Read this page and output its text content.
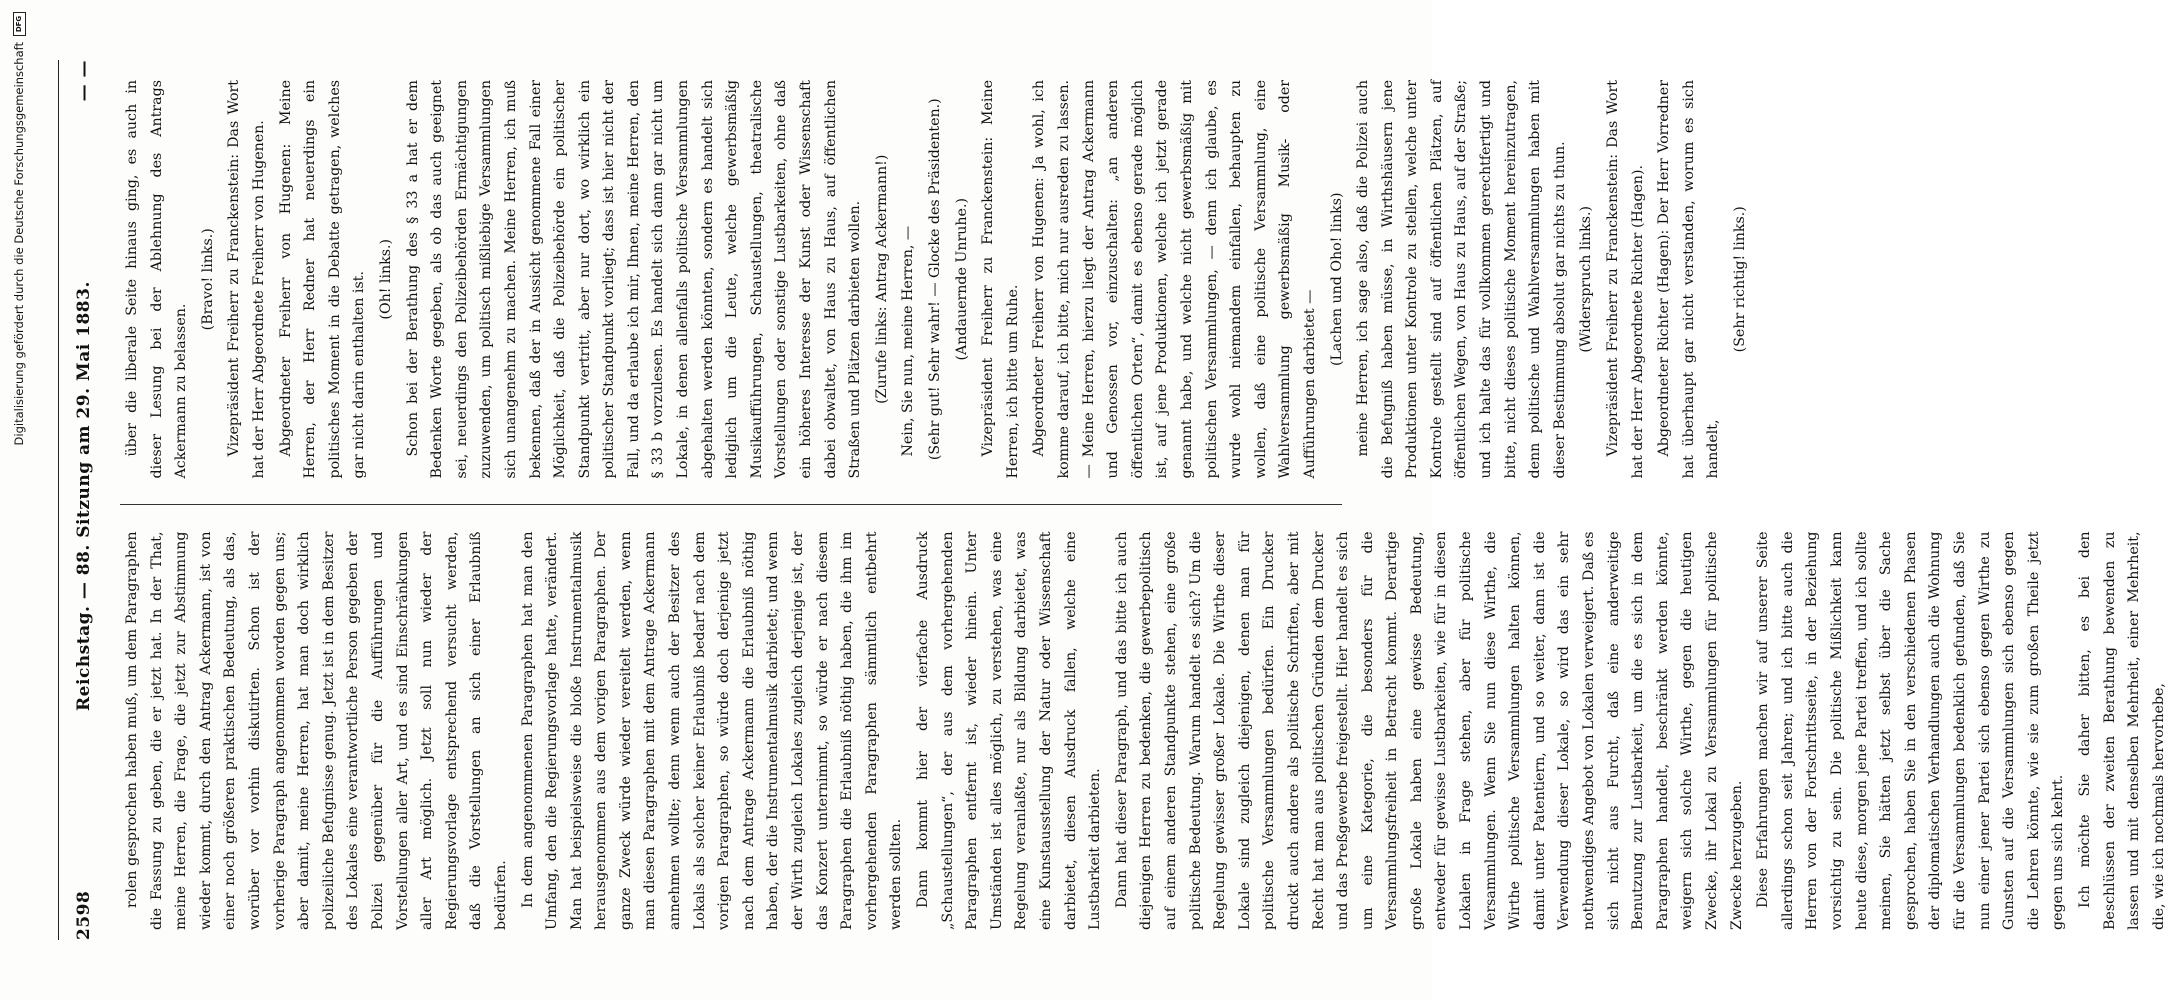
2598
Reichstag. — 88. Sitzung am 29. Mai 1883.
— —

rolen gesprochen haben muß, um dem Paragraphen die Fassung zu geben, die er jetzt hat. In der That, meine Herren, die Frage, die jetzt zur Abstimmung wieder kommt, durch den Antrag Ackermann, ist von einer noch größeren praktischen Bedeutung, als das, worüber vor vorhin diskutirten. Schon ist der vorherige Paragraph angenommen worden gegen uns; aber damit, meine Herren, hat man doch wirklich polizeiliche Befugnisse genug. Jetzt ist in dem Besitzer des Lokales eine verantwortliche Person gegeben der Polizei gegenüber für die Aufführungen und Vorstellungen aller Art, und es sind Einschränkungen aller Art möglich. Jetzt soll nun wieder der Regierungsvorlage entsprechend versucht werden, daß die Vorstellungen an sich einer Erlaubniß bedürfen. In dem angenommenen Paragraphen hat man den Umfang, den die Regierungsvorlage hatte, verändert. Man hat beispielsweise die bloße Instrumentalmusik herausgenommen aus dem vorigen Paragraphen. Der ganze Zweck würde wieder vereitelt werden, wenn man diesen Paragraphen mit dem Antrage Ackermann annehmen wollte; denn wenn auch der Besitzer des Lokals als solcher keiner Erlaubniß bedarf nach dem vorigen Paragraphen, so würde doch derjenige jetzt nach dem Antrage Ackermann die Erlaubniß nöthig haben, der die Instrumentalmusik darbietet; und wenn der Wirth zugleich Lokales zugleich derjenige ist, der das Konzert unternimmt, so würde er nach diesem Paragraphen die Erlaubniß nöthig haben, die ihm im vorhergehenden Paragraphen sämmtlich entbehrt werden sollten. Dann kommt hier der vierfache Ausdruck „Schaustellungen“, der aus dem vorhergehenden Paragraphen entfernt ist, wieder hinein. Unter Umständen ist alles möglich, zu verstehen, was eine Regelung veranlaßte, nur als Bildung darbietet, was eine Kunstausstellung der Natur oder Wissenschaft darbietet, diesen Ausdruck fallen, welche eine Lustbarkeit darbieten. Dann hat dieser Paragraph, und das bitte ich auch diejenigen Herren zu bedenken, die gewerbepolitisch auf einem anderen Standpunkte stehen, eine große politische Bedeutung. Warum handelt es sich? Um die Regelung gewisser großer Lokale. Die Wirthe dieser Lokale sind zugleich diejenigen, denen man für politische Versammlungen bedürfen. Ein Drucker druckt auch andere als politische Schriften, aber mit Recht hat man aus politischen Gründen dem Drucker und das Preßgewerbe freigestellt. Hier handelt es sich um eine Kategorie, die besonders für die Versammlungsfreiheit in Betracht kommt. Derartige große Lokale haben eine gewisse Bedeutung, entweder für gewisse Lustbarkeiten, wie für in diesen Lokalen in Frage stehen, aber für politische Versammlungen. Wenn Sie nun diese Wirthe, die Wirthe politische Versammlungen halten können, damit unter Patentiern, und so weiter, dann ist die Verwendung dieser Lokale, so wird das ein sehr nothwendiges Angebot von Lokalen verweigert. Daß es sich nicht aus Furcht, daß eine anderweitige Benutzung zur Lustbarkeit, um die es sich in dem Paragraphen handelt, beschränkt werden könnte, weigern sich solche Wirthe, gegen die heutigen Zwecke, ihr Lokal zu Versammlungen für politische Zwecke herzugeben. Diese Erfahrungen machen wir auf unserer Seite allerdings schon seit Jahren; und ich bitte auch die Herren von der Fortschrittsseite, in der Beziehung vorsichtig zu sein. Die politische Mißlichkeit kann heute diese, morgen jene Partei treffen, und ich sollte meinen, Sie hätten jetzt selbst über die Sache gesprochen, haben Sie in den verschiedenen Phasen der diplomatischen Verhandlungen auch die Wohnung für die Versammlungen bedenklich gefunden, daß Sie nun einer jener Partei sich ebenso gegen Wirthe zu Gunsten auf die Versammlungen sich ebenso gegen die Lehren könnte, wie sie zum großen Theile jetzt gegen uns sich kehrt. Ich möchte Sie daher bitten, es bei den Beschlüssen der zweiten Berathung bewenden zu lassen und mit denselben Mehrheit, einer Mehrheit, die, wie ich nochmals hervorhebe,

über die liberale Seite hinaus ging, es auch in dieser Lesung bei der Ablehnung des Antrags Ackermann zu belassen.

(Bravo! links.) Vizepräsident Freiherr zu Franckenstein: Das Wort hat der Herr Abgeordnete Freiherr von Hugenen. Abgeordneter Freiherr von Hugenen: Meine Herren, der Herr Redner hat neuerdings ein politisches Moment in die Debatte getragen, welches gar nicht darin enthalten ist. (Oh! links.) Schon bei der Berathung des § 33 a hat er dem Bedenken Worte gegeben, als ob das auch geeignet sei, neuerdings den Polizeibehörden Ermächtigungen zuzuwenden, um politisch mißliebige Versammlungen sich unangenehm zu machen. Meine Herren, ich muß bekennen, daß der in Aussicht genommene Fall einer Möglichkeit, daß die Polizeibehörde ein politischer Standpunkt vertritt, aber nur dort, wo wirklich ein politischer Standpunkt vorliegt; dass ist hier nicht der Fall, und da erlaube ich mir, Ihnen, meine Herren, den § 33 b vorzulesen. Es handelt sich dann gar nicht um Lokale, in denen allenfalls politische Versammlungen abgehalten werden könnten, sondern es handelt sich lediglich um die Leute, welche gewerbsmäßig Musikaufführungen, Schaustellungen, theatralische Vorstellungen oder sonstige Lustbarkeiten, ohne daß ein höheres Interesse der Kunst oder Wissenschaft dabei obwaltet, von Haus zu Haus, auf öffentlichen Straßen und Plätzen darbieten wollen. (Zurufe links: Antrag Ackermann!) Nein, Sie nun, meine Herren, — (Sehr gut! Sehr wahr! — Glocke des Präsidenten.) (Andauernde Unruhe.) Vizepräsident Freiherr zu Franckenstein: Meine Herren, ich bitte um Ruhe. Abgeordneter Freiherr von Hugenen: Ja wohl, ich komme darauf, ich bitte, mich nur ausreden zu lassen. — Meine Herren, hierzu liegt der Antrag Ackermann und Genossen vor, einzuschalten: „an anderen öffentlichen Orten“, damit es ebenso gerade möglich ist, auf jene Produktionen, welche ich jetzt gerade genannt habe, und welche nicht gewerbsmäßig mit politischen Versammlungen, — denn ich glaube, es wurde wohl niemandem einfallen, behaupten zu wollen, daß eine politische Versammlung, eine Wahlversammlung gewerbsmäßig Musik- oder Aufführungen darbietet —

(Lachen und Oho! links) meine Herren, ich sage also, daß die Polizei auch die Befugniß haben müsse, in Wirthshäusern jene Produktionen unter Kontrole zu stellen, welche unter Kontrole gestellt sind auf öffentlichen Plätzen, auf öffentlichen Wegen, von Haus zu Haus, auf der Straße; und ich halte das für vollkommen gerechtfertigt und bitte, nicht dieses politische Moment hereinzutragen, denn politische und Wahlversammlungen haben mit dieser Bestimmung absolut gar nichts zu thun. (Widerspruch links.) Vizepräsident Freiherr zu Franckenstein: Das Wort hat der Herr Abgeordnete Richter (Hagen). Abgeordneter Richter (Hagen): Der Herr Vorredner hat überhaupt gar nicht verstanden, worum es sich handelt,

(Sehr richtig! links.)

Digitalisierung gefördert durch die Deutsche Forschungsgemeinschaft
DFG
